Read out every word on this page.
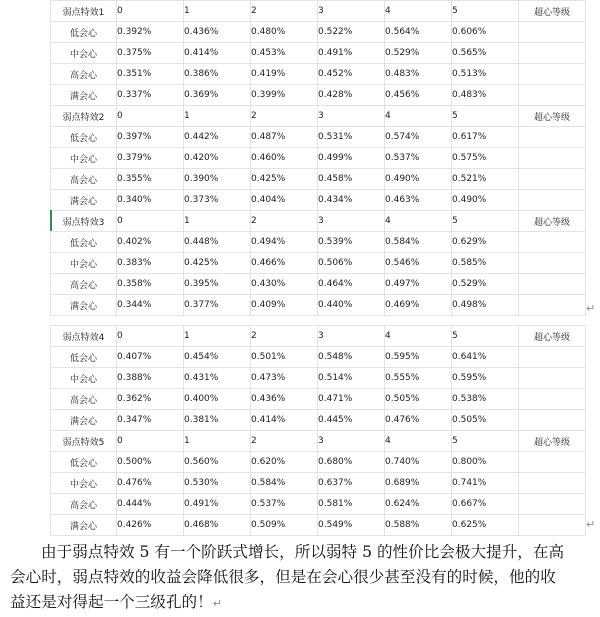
弱点特效1	0	1	2	3	4	5	超心等级
低会心	0.392%	0.436%	0.480%	0.522%	0.564%	0.606%	
中会心	0.375%	0.414%	0.453%	0.491%	0.529%	0.565%	
高会心	0.351%	0.386%	0.419%	0.452%	0.483%	0.513%	
满会心	0.337%	0.369%	0.399%	0.428%	0.456%	0.483%	
弱点特效2	0	1	2	3	4	5	超心等级
低会心	0.397%	0.442%	0.487%	0.531%	0.574%	0.617%	
中会心	0.379%	0.420%	0.460%	0.499%	0.537%	0.575%	
高会心	0.355%	0.390%	0.425%	0.458%	0.490%	0.521%	
满会心	0.340%	0.373%	0.404%	0.434%	0.463%	0.490%	
弱点特效3	0	1	2	3	4	5	超心等级
低会心	0.402%	0.448%	0.494%	0.539%	0.584%	0.629%	
中会心	0.383%	0.425%	0.466%	0.506%	0.546%	0.585%	
高会心	0.358%	0.395%	0.430%	0.464%	0.497%	0.529%	
满会心	0.344%	0.377%	0.409%	0.440%	0.469%	0.498%		↵
弱点特效4	0	1	2	3	4	5	超心等级
低会心	0.407%	0.454%	0.501%	0.548%	0.595%	0.641%	
中会心	0.388%	0.431%	0.473%	0.514%	0.555%	0.595%	
高会心	0.362%	0.400%	0.436%	0.471%	0.505%	0.538%	
满会心	0.347%	0.381%	0.414%	0.445%	0.476%	0.505%	
弱点特效5	0	1	2	3	4	5	超心等级
低会心	0.500%	0.560%	0.620%	0.680%	0.740%	0.800%	
中会心	0.476%	0.530%	0.584%	0.637%	0.689%	0.741%	
高会心	0.444%	0.491%	0.537%	0.581%	0.624%	0.667%	
满会心	0.426%	0.468%	0.509%	0.549%	0.588%	0.625%		↵
由于弱点特效 5 有一个阶跃式增长，所以弱特 5 的性价比会极大提升，在高
会心时，弱点特效的收益会降低很多，但是在会心很少甚至没有的时候，他的收
益还是对得起一个三级孔的！↵
